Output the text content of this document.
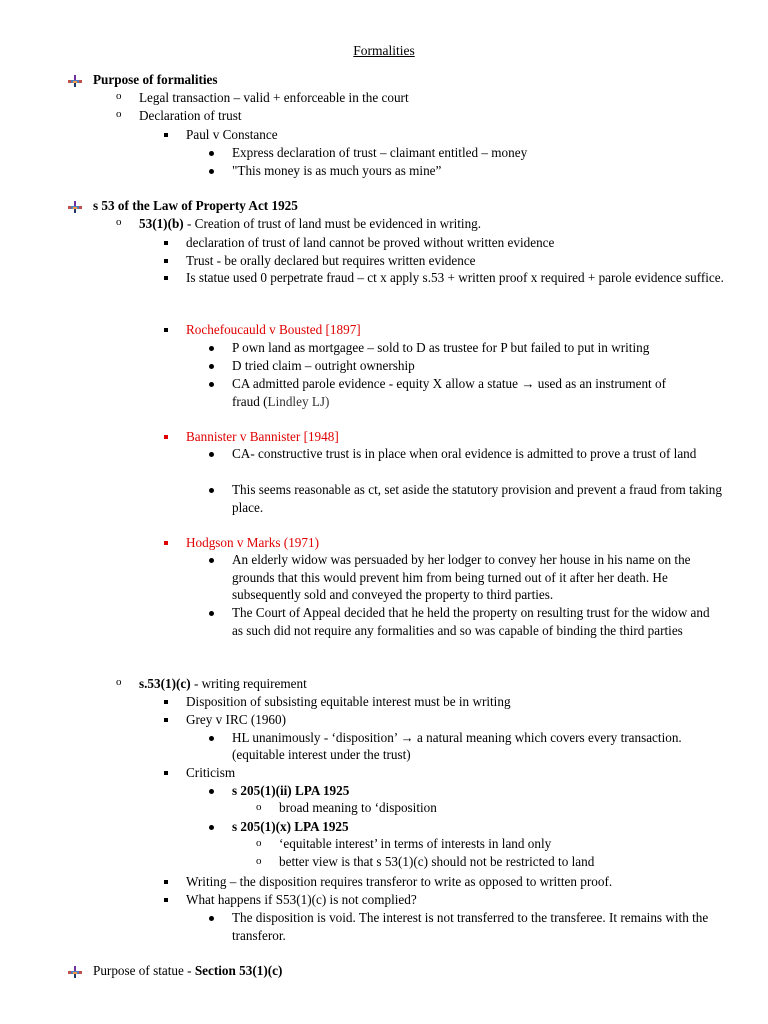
Formalities
Purpose of formalities
o Legal transaction – valid + enforceable in the court
o Declaration of trust
Paul v Constance
Express declaration of trust – claimant entitled – money
"This money is as much yours as mine”
s 53 of the Law of Property Act 1925
o 53(1)(b) - Creation of trust of land must be evidenced in writing.
declaration of trust of land cannot be proved without written evidence
Trust - be orally declared but requires written evidence
Is statue used 0 perpetrate fraud – ct x apply s.53 + written proof x required + parole evidence suffice.
Rochefoucauld v Bousted [1897]
P own land as mortgagee – sold to D as trustee for P but failed to put in writing
D tried claim – outright ownership
CA admitted parole evidence - equity X allow a statue → used as an instrument of
fraud (Lindley LJ)
Bannister v Bannister [1948]
CA- constructive trust is in place when oral evidence is admitted to prove a trust of land
This seems reasonable as ct, set aside the statutory provision and prevent a fraud from taking place.
Hodgson v Marks (1971)
An elderly widow was persuaded by her lodger to convey her house in his name on the grounds that this would prevent him from being turned out of it after her death. He subsequently sold and conveyed the property to third parties.
The Court of Appeal decided that he held the property on resulting trust for the widow and as such did not require any formalities and so was capable of binding the third parties
o s.53(1)(c) - writing requirement
Disposition of subsisting equitable interest must be in writing
Grey v IRC (1960)
HL unanimously - ‘disposition’ → a natural meaning which covers every transaction.
(equitable interest under the trust)
Criticism
s 205(1)(ii) LPA 1925
o broad meaning to ‘disposition
s 205(1)(x) LPA 1925
o ‘equitable interest’ in terms of interests in land only
o better view is that s 53(1)(c) should not be restricted to land
Writing – the disposition requires transferor to write as opposed to written proof.
What happens if S53(1)(c) is not complied?
The disposition is void. The interest is not transferred to the transferee. It remains with the transferor.
Purpose of statue - Section 53(1)(c)
